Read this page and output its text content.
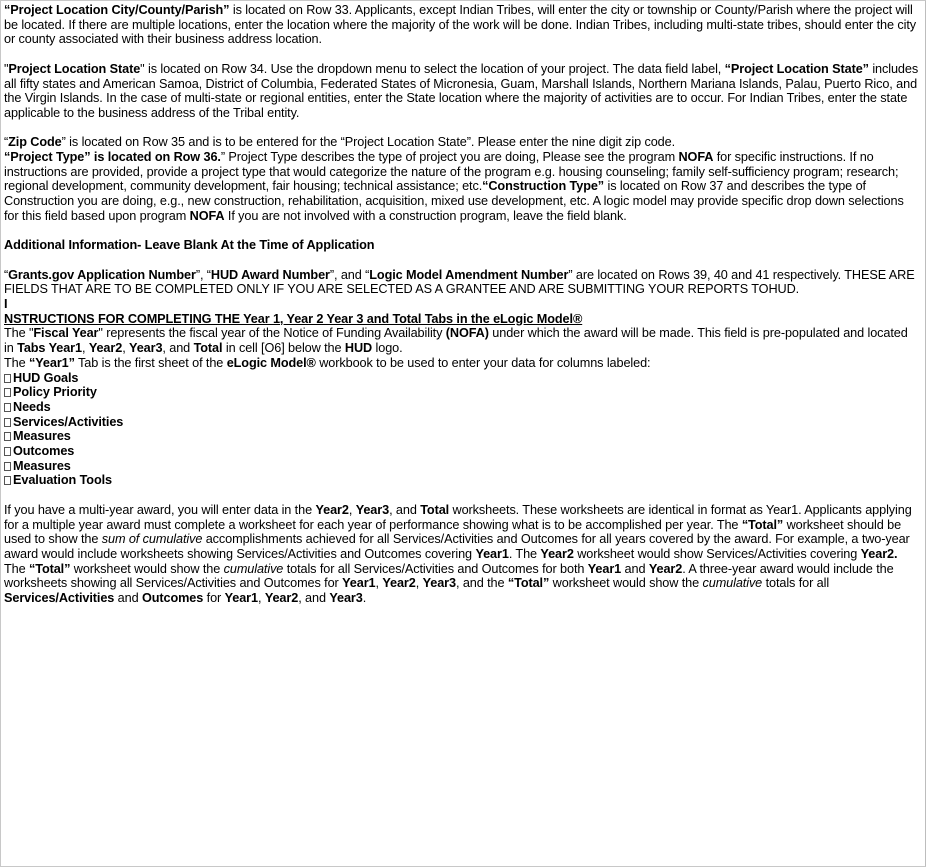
“Project Location City/County/Parish” is located on Row 33. Applicants, except Indian Tribes, will enter the city or township or County/Parish where the project will be located. If there are multiple locations, enter the location where the majority of the work will be done. Indian Tribes, including multi-state tribes, should enter the city or county associated with their business address location.

"Project Location State" is located on Row 34. Use the dropdown menu to select the location of your project. The data field label, “Project Location State” includes all fifty states and American Samoa, District of Columbia, Federated States of Micronesia, Guam, Marshall Islands, Northern Mariana Islands, Palau, Puerto Rico, and the Virgin Islands. In the case of multi-state or regional entities, enter the State location where the majority of activities are to occur. For Indian Tribes, enter the state applicable to the business address of the Tribal entity.

“Zip Code” is located on Row 35 and is to be entered for the “Project Location State”. Please enter the nine digit zip code.

“Project Type” is located on Row 36.” Project Type describes the type of project you are doing, Please see the program NOFA for specific instructions. If no instructions are provided, provide a project type that would categorize the nature of the program e.g. housing counseling; family self-sufficiency program; research; regional development, community development, fair housing; technical assistance; etc.“Construction Type” is located on Row 37 and describes the type of Construction you are doing, e.g., new construction, rehabilitation, acquisition, mixed use development, etc. A logic model may provide specific drop down selections for this field based upon program NOFA If you are not involved with a construction program, leave the field blank.

Additional Information- Leave Blank At the Time of Application

“Grants.gov Application Number”, “HUD Award Number”, and “Logic Model Amendment Number” are located on Rows 39, 40 and 41 respectively. THESE ARE FIELDS THAT ARE TO BE COMPLETED ONLY IF YOU ARE SELECTED AS A GRANTEE AND ARE SUBMITTING YOUR REPORTS TOHUD.

I

NSTRUCTIONS FOR COMPLETING THE Year 1, Year 2 Year 3 and Total Tabs in the eLogic Model®

The "Fiscal Year" represents the fiscal year of the Notice of Funding Availability (NOFA) under which the award will be made. This field is pre-populated and located in Tabs Year1, Year2, Year3, and Total in cell [O6] below the HUD logo.

The “Year1” Tab is the first sheet of the eLogic Model® workbook to be used to enter your data for columns labeled:

HUD Goals
Policy Priority
Needs
Services/Activities
Measures
Outcomes
Measures
Evaluation Tools

If you have a multi-year award, you will enter data in the Year2, Year3, and Total worksheets. These worksheets are identical in format as Year1. Applicants applying for a multiple year award must complete a worksheet for each year of performance showing what is to be accomplished per year. The “Total” worksheet should be used to show the sum of cumulative accomplishments achieved for all Services/Activities and Outcomes for all years covered by the award. For example, a two-year award would include worksheets showing Services/Activities and Outcomes covering Year1. The Year2 worksheet would show Services/Activities covering Year2. The “Total” worksheet would show the cumulative totals for all Services/Activities and Outcomes for both Year1 and Year2. A three-year award would include the worksheets showing all Services/Activities and Outcomes for Year1, Year2, Year3, and the “Total” worksheet would show the cumulative totals for all Services/Activities and Outcomes for Year1, Year2, and Year3.
